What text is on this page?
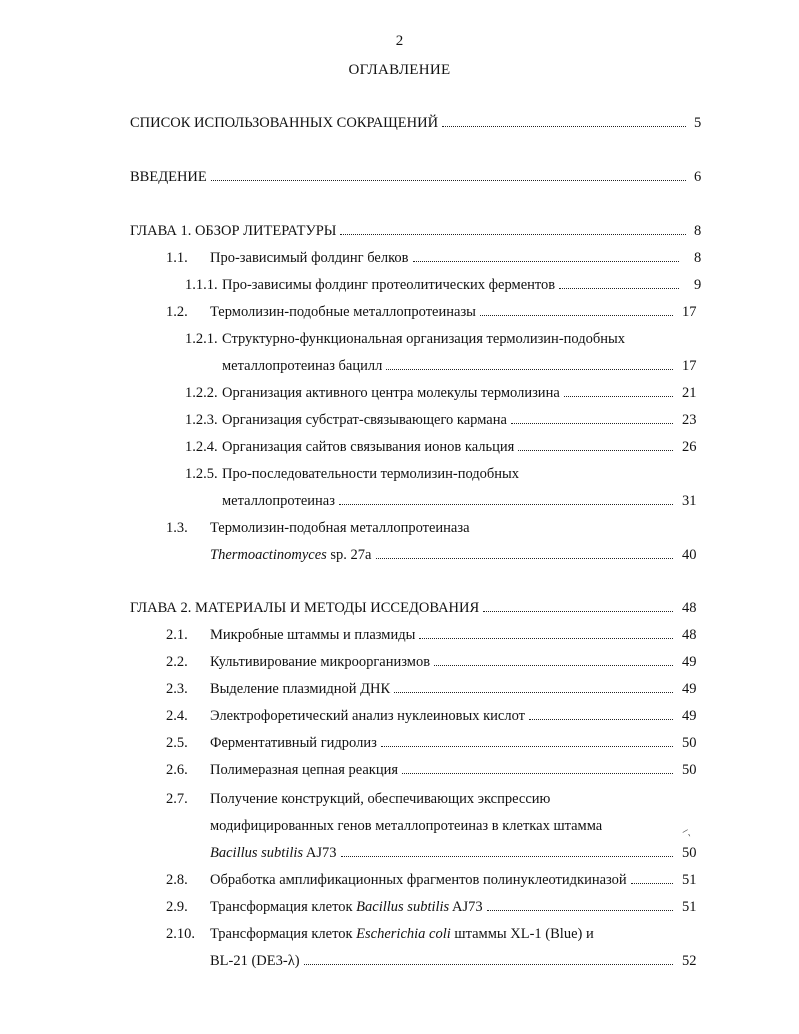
2
ОГЛАВЛЕНИЕ
СПИСОК ИСПОЛЬЗОВАННЫХ СОКРАЩЕНИЙ	5
ВВЕДЕНИЕ	6
ГЛАВА 1. ОБЗОР ЛИТЕРАТУРЫ	8
1.1. Про-зависимый фолдинг белков	8
1.1.1. Про-зависимы фолдинг протеолитических ферментов	9
1.2. Термолизин-подобные металлопротеиназы	17
1.2.1. Структурно-функциональная организация термолизин-подобных
металлопротеиназ бацилл	17
1.2.2. Организация активного центра молекулы термолизина	21
1.2.3. Организация субстрат-связывающего кармана	23
1.2.4. Организация сайтов связывания ионов кальция	26
1.2.5. Про-последовательности термолизин-подобных
металлопротеиназ	31
1.3. Термолизин-подобная металлопротеиназа
Thermoactinomyces sp. 27a	40
ГЛАВА 2. МАТЕРИАЛЫ И МЕТОДЫ ИССЕДОВАНИЯ	48
2.1. Микробные штаммы и плазмиды	48
2.2. Культивирование микроорганизмов	49
2.3. Выделение плазмидной ДНК	49
2.4. Электрофоретический анализ нуклеиновых кислот	49
2.5. Ферментативный гидролиз	50
2.6. Полимеразная цепная реакция	50
2.7. Получение конструкций, обеспечивающих экспрессию
модифицированных генов металлопротеиназ в клетках штамма
Bacillus subtilis AJ73	50
2.8. Обработка амплификационных фрагментов полинуклеотидкиназой	51
2.9. Трансформация клеток Bacillus subtilis AJ73	51
2.10. Трансформация клеток Escherichia coli штаммы XL-1 (Blue) и
BL-21 (DE3-λ)	52
⸝ˎ
